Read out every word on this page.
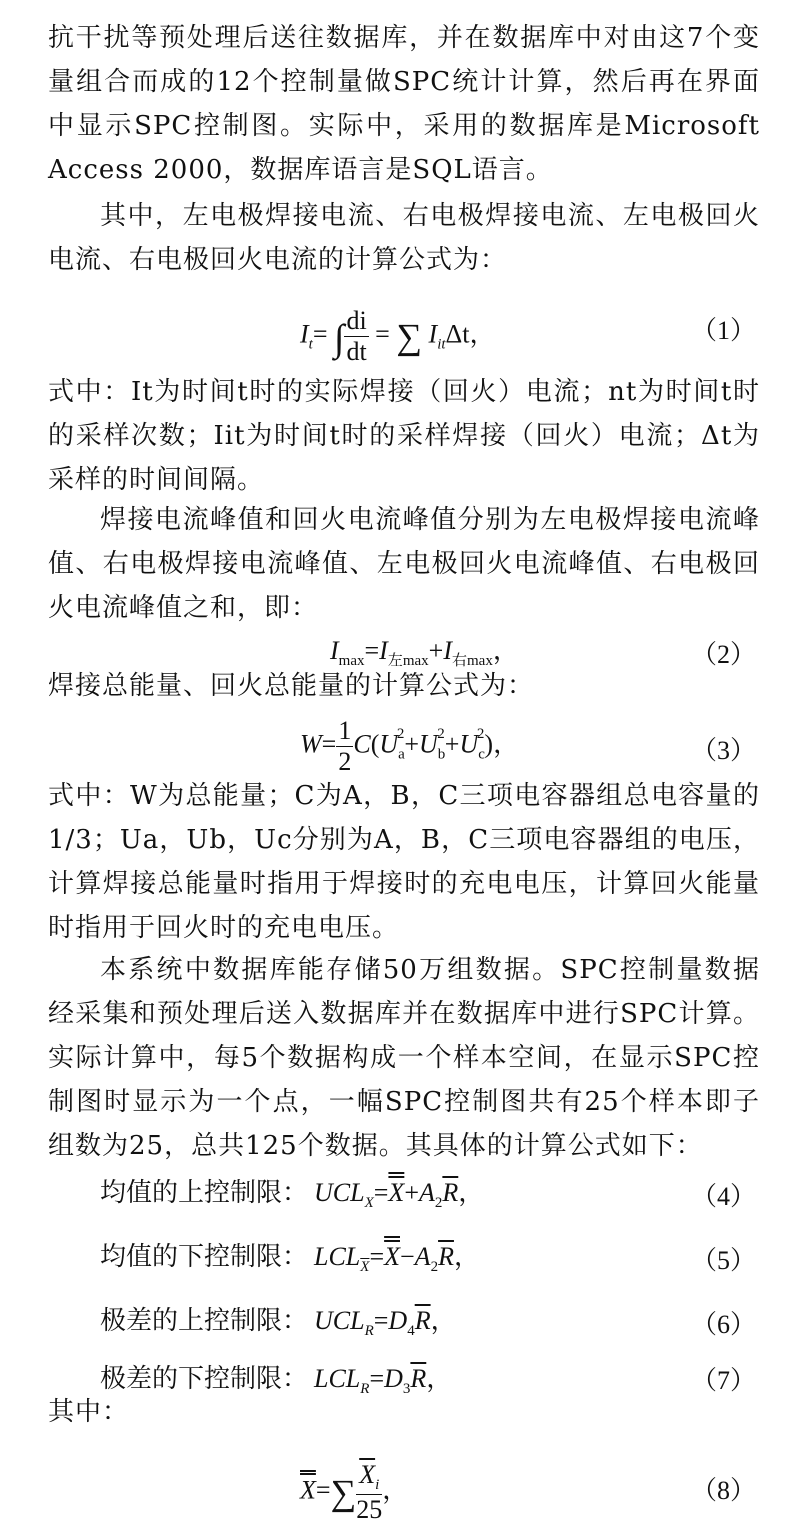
抗干扰等预处理后送往数据库，并在数据库中对由这7个变量组合而成的12个控制量做SPC统计计算，然后再在界面中显示SPC控制图。实际中，采用的数据库是Microsoft Access 2000，数据库语言是SQL语言。
其中，左电极焊接电流、右电极焊接电流、左电极回火电流、右电极回火电流的计算公式为：
$I_t=$ ∫ $\frac{di}{dt}$ = ∑ $I_{it}\Delta t$，	（1）
式中：It为时间t时的实际焊接（回火）电流；nt为时间t时的采样次数；Iit为时间t时的采样焊接（回火）电流；Δt为采样的时间间隔。
焊接电流峰值和回火电流峰值分别为左电极焊接电流峰值、右电极焊接电流峰值、左电极回火电流峰值、右电极回火电流峰值之和，即：
$I_{max}=I_{左max}+I_{右max}$，	（2）
焊接总能量、回火总能量的计算公式为：
$W= \frac{1}{2} C(U_a^2+U_b^2+U_c^2)$，	（3）
式中：W为总能量；C为A，B，C三项电容器组总电容量的1/3；Ua，Ub，Uc分别为A，B，C三项电容器组的电压，计算焊接总能量时指用于焊接时的充电电压，计算回火能量时指用于回火时的充电电压。
本系统中数据库能存储50万组数据。SPC控制量数据经采集和预处理后送入数据库并在数据库中进行SPC计算。实际计算中，每5个数据构成一个样本空间，在显示SPC控制图时显示为一个点，一幅SPC控制图共有25个样本即子组数为25，总共125个数据。其具体的计算公式如下：
均值的上控制限： $UCL_X=X+A_2\overline{R}$，	（4）
均值的下控制限： $LCL_{\overline{X}}=X-A_2\overline{R}$，	（5）
极差的上控制限： $UCL_R=D_4\overline{R}$，	（6）
极差的下控制限： $LCL_R=D_3\overline{R}$，	（7）
其中：
$X=\sum \frac{\overline{X}_i}{25}$ ，	（8）
